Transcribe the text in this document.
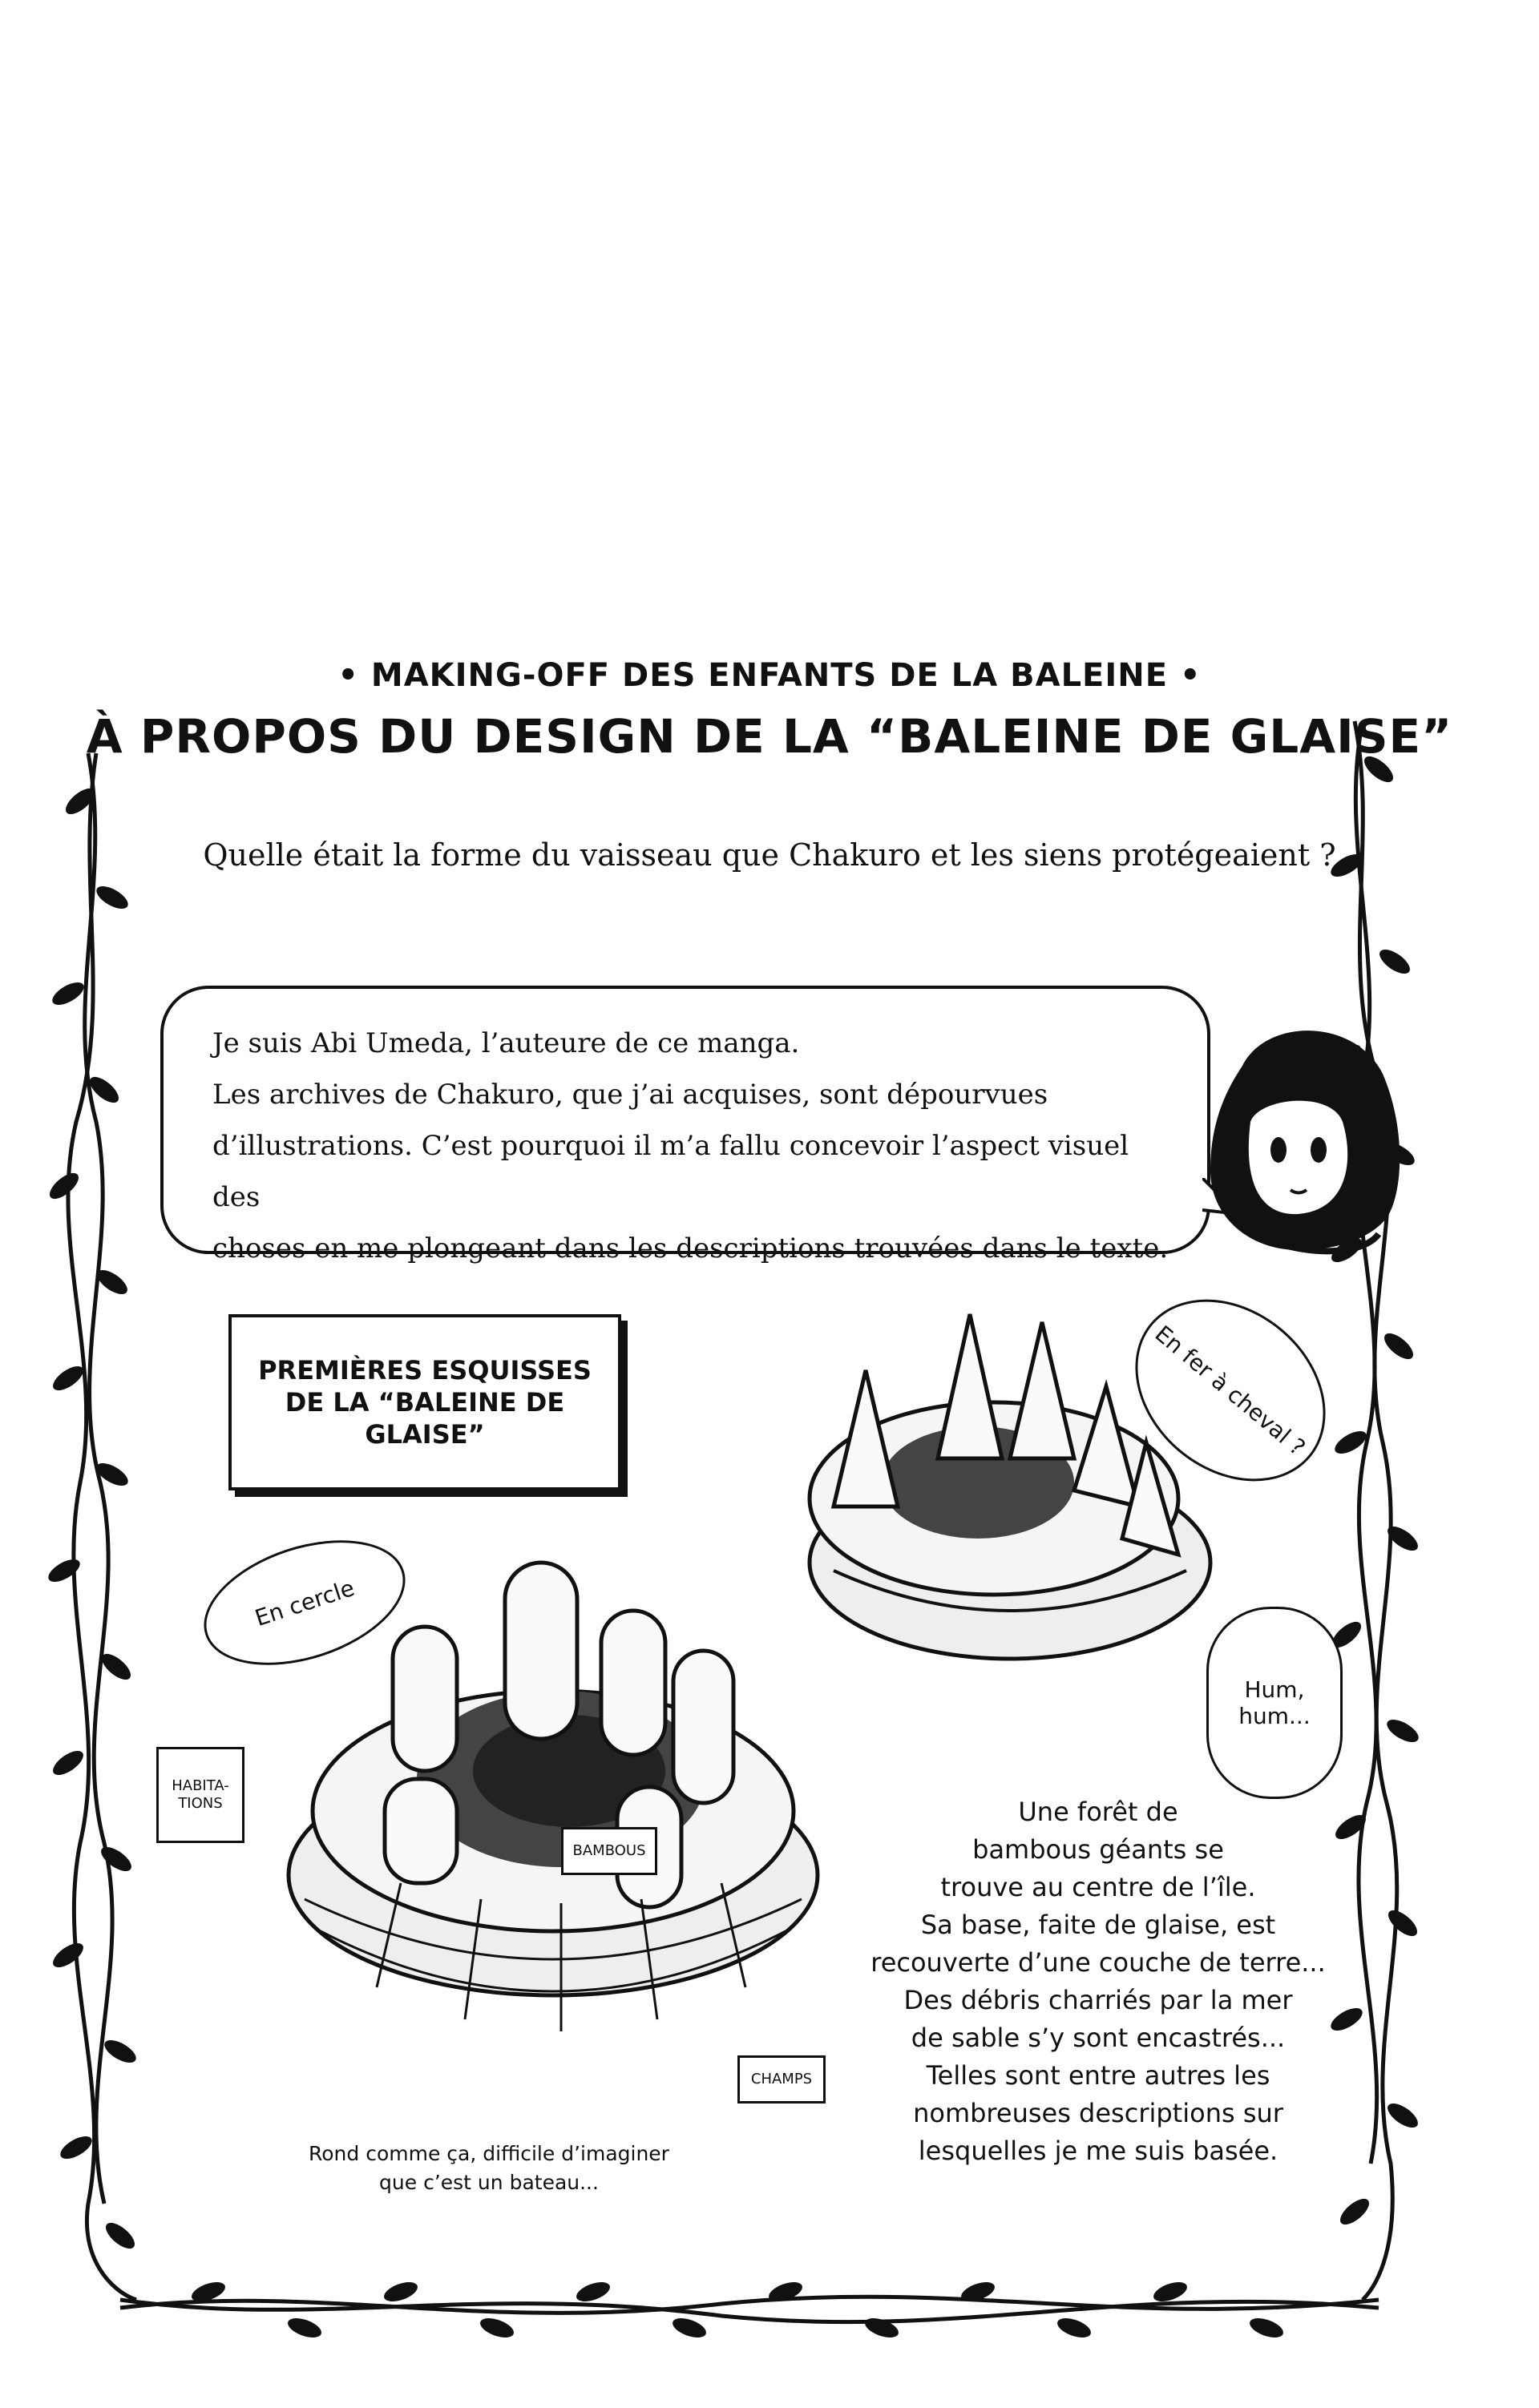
• MAKING-OFF DES ENFANTS DE LA BALEINE •
À PROPOS DU DESIGN DE LA “BALEINE DE GLAISE”
Quelle était la forme du vaisseau que Chakuro et les siens protégeaient ?
Je suis Abi Umeda, l’auteure de ce manga.
Les archives de Chakuro, que j’ai acquises, sont dépourvues
d’illustrations. C’est pourquoi il m’a fallu concevoir l’aspect visuel des
choses en me plongeant dans les descriptions trouvées dans le texte.
PREMIÈRES ESQUISSES DE LA “BALEINE DE GLAISE”
En cercle
En fer à cheval ?
Hum, hum...
HABITA-TIONS
BAMBOUS
CHAMPS
Une forêt de
bambous géants se
trouve au centre de l’île.
Sa base, faite de glaise, est
recouverte d’une couche de terre...
Des débris charriés par la mer
de sable s’y sont encastrés...
Telles sont entre autres les
nombreuses descriptions sur
lesquelles je me suis basée.
Rond comme ça, difficile d’imaginer
que c’est un bateau...
